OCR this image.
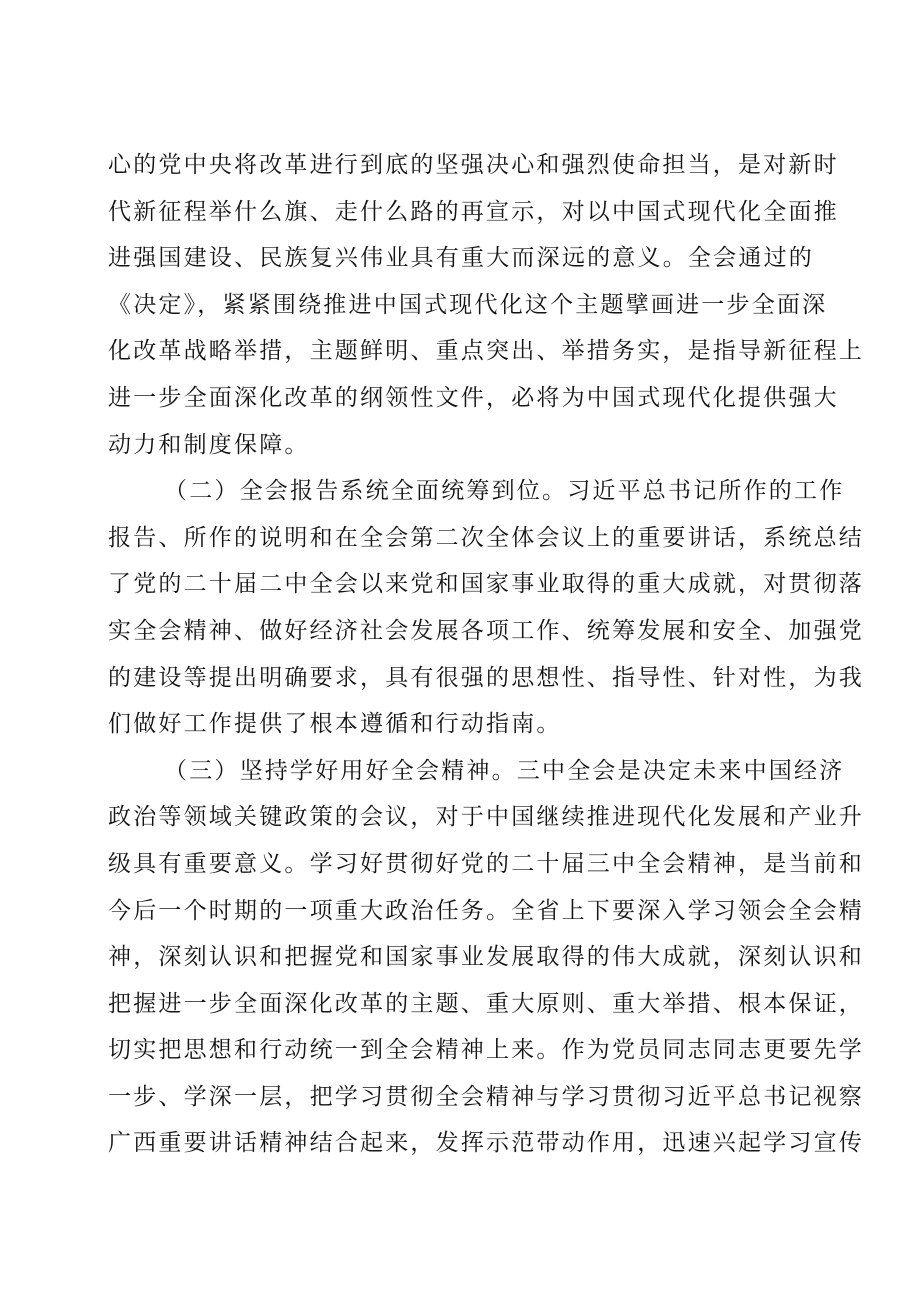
心的党中央将改革进行到底的坚强决心和强烈使命担当，是对新时
代新征程举什么旗、走什么路的再宣示，对以中国式现代化全面推
进强国建设、民族复兴伟业具有重大而深远的意义。全会通过的
《决定》，紧紧围绕推进中国式现代化这个主题擘画进一步全面深
化改革战略举措，主题鲜明、重点突出、举措务实，是指导新征程上
进一步全面深化改革的纲领性文件，必将为中国式现代化提供强大
动力和制度保障。

（二）全会报告系统全面统筹到位。习近平总书记所作的工作
报告、所作的说明和在全会第二次全体会议上的重要讲话，系统总结
了党的二十届二中全会以来党和国家事业取得的重大成就，对贯彻落
实全会精神、做好经济社会发展各项工作、统筹发展和安全、加强党
的建设等提出明确要求，具有很强的思想性、指导性、针对性，为我
们做好工作提供了根本遵循和行动指南。

（三）坚持学好用好全会精神。三中全会是决定未来中国经济
政治等领域关键政策的会议，对于中国继续推进现代化发展和产业升
级具有重要意义。学习好贯彻好党的二十届三中全会精神，是当前和
今后一个时期的一项重大政治任务。全省上下要深入学习领会全会精
神，深刻认识和把握党和国家事业发展取得的伟大成就，深刻认识和
把握进一步全面深化改革的主题、重大原则、重大举措、根本保证，
切实把思想和行动统一到全会精神上来。作为党员同志同志更要先学
一步、学深一层，把学习贯彻全会精神与学习贯彻习近平总书记视察
广西重要讲话精神结合起来，发挥示范带动作用，迅速兴起学习宣传
